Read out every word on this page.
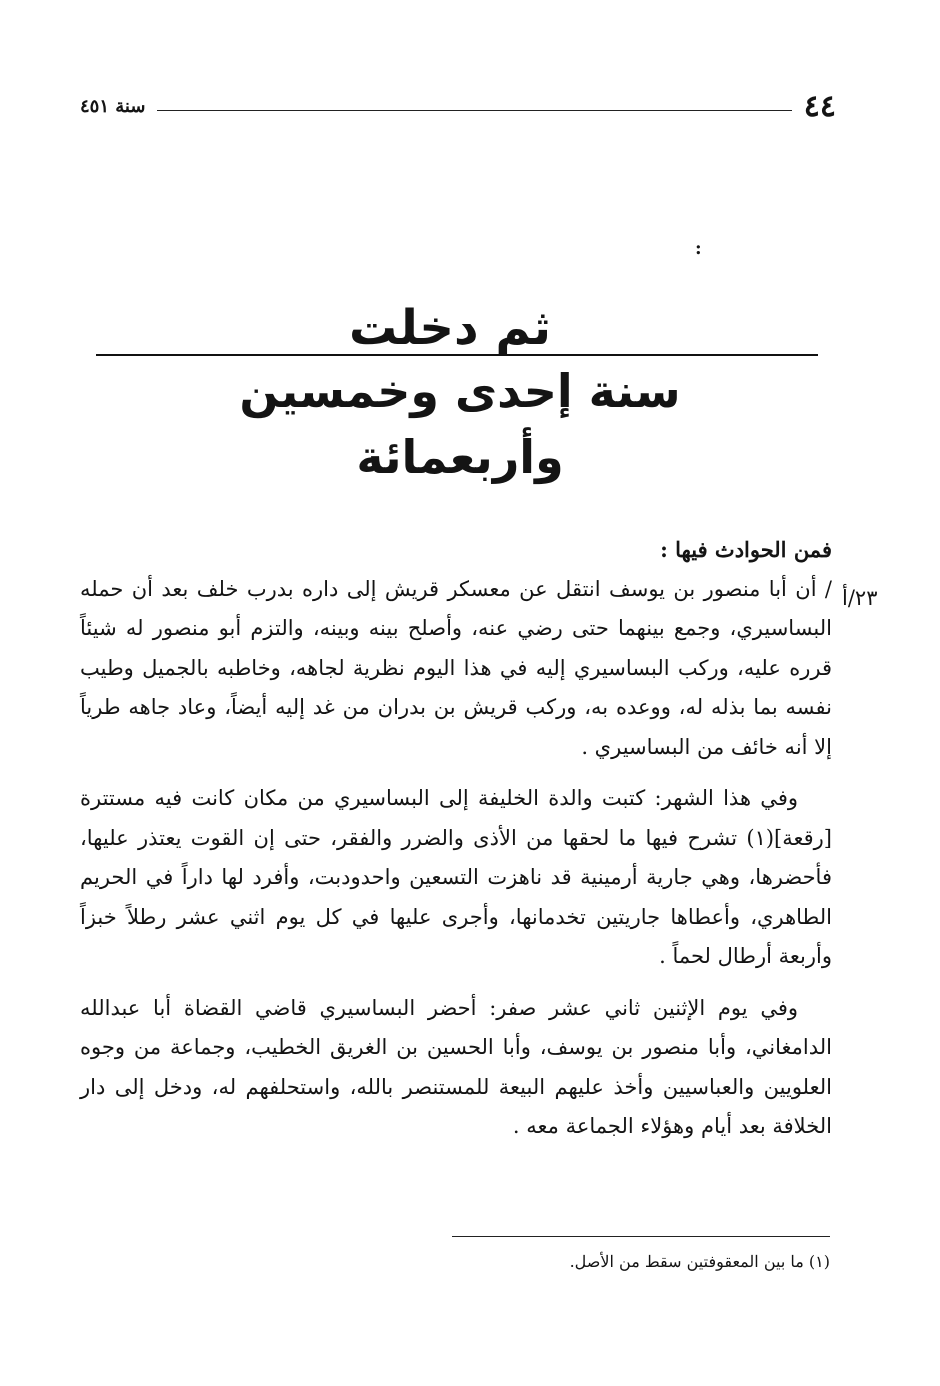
٤٤
سنة ٤٥١
:
ثم دخلت
سنة إحدى وخمسين وأربعمائة
٢٣/أ

فمن الحوادث فيها :

/ أن أبا منصور بن يوسف انتقل عن معسكر قريش إلى داره بدرب خلف بعد أن حمله البساسيري، وجمع بينهما حتى رضي عنه، وأصلح بينه وبينه، والتزم أبو منصور له شيئاً قرره عليه، وركب البساسيري إليه في هذا اليوم نظرية لجاهه، وخاطبه بالجميل وطيب نفسه بما بذله له، ووعده به، وركب قريش بن بدران من غد إليه أيضاً، وعاد جاهه طرياً إلا أنه خائف من البساسيري .

وفي هذا الشهر: كتبت والدة الخليفة إلى البساسيري من مكان كانت فيه مستترة [رقعة](١) تشرح فيها ما لحقها من الأذى والضرر والفقر، حتى إن القوت يعتذر عليها، فأحضرها، وهي جارية أرمينية قد ناهزت التسعين واحدودبت، وأفرد لها داراً في الحريم الطاهري، وأعطاها جاريتين تخدمانها، وأجرى عليها في كل يوم اثني عشر رطلاً خبزاً وأربعة أرطال لحماً .

وفي يوم الإثنين ثاني عشر صفر: أحضر البساسيري قاضي القضاة أبا عبدالله الدامغاني، وأبا منصور بن يوسف، وأبا الحسين بن الغريق الخطيب، وجماعة من وجوه العلويين والعباسيين وأخذ عليهم البيعة للمستنصر بالله، واستحلفهم له، ودخل إلى دار الخلافة بعد أيام وهؤلاء الجماعة معه .

(١) ما بين المعقوفتين سقط من الأصل.
